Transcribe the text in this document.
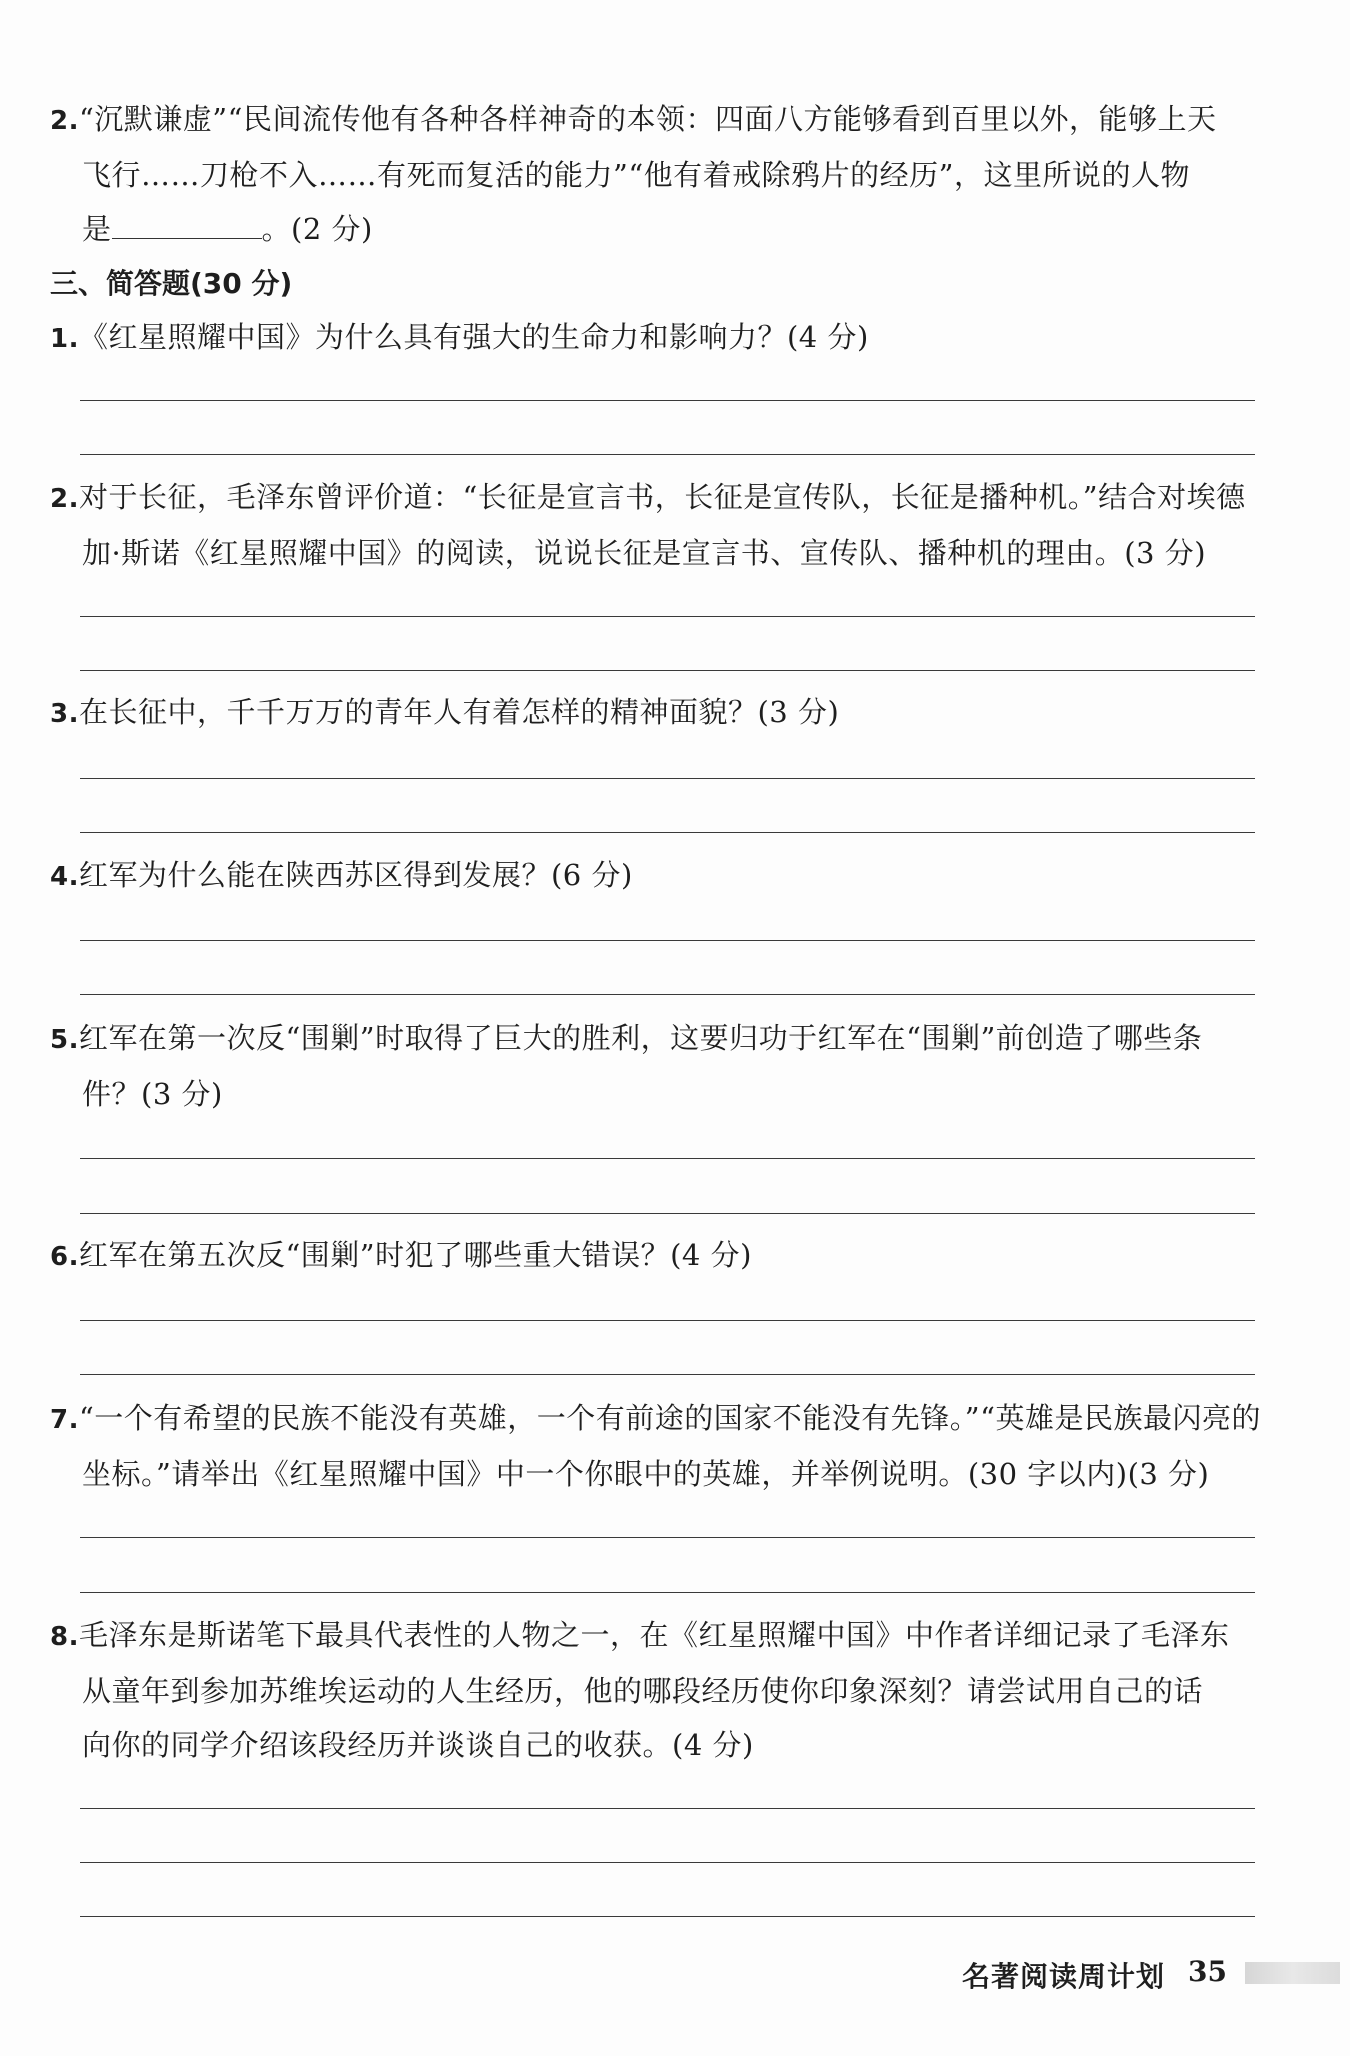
2.“沉默谦虚”“民间流传他有各种各样神奇的本领：四面八方能够看到百里以外，能够上天
飞行……刀枪不入……有死而复活的能力”“他有着戒除鸦片的经历”，这里所说的人物
是	。(2 分)
三、简答题(30 分)
1.《红星照耀中国》为什么具有强大的生命力和影响力？(4 分)
2.对于长征，毛泽东曾评价道：“长征是宣言书，长征是宣传队，长征是播种机。”结合对埃德
加·斯诺《红星照耀中国》的阅读，说说长征是宣言书、宣传队、播种机的理由。(3 分)
3.在长征中，千千万万的青年人有着怎样的精神面貌？(3 分)
4.红军为什么能在陕西苏区得到发展？(6 分)
5.红军在第一次反“围剿”时取得了巨大的胜利，这要归功于红军在“围剿”前创造了哪些条
件？(3 分)
6.红军在第五次反“围剿”时犯了哪些重大错误？(4 分)
7.“一个有希望的民族不能没有英雄，一个有前途的国家不能没有先锋。”“英雄是民族最闪亮的
坐标。”请举出《红星照耀中国》中一个你眼中的英雄，并举例说明。(30 字以内)(3 分)
8.毛泽东是斯诺笔下最具代表性的人物之一，在《红星照耀中国》中作者详细记录了毛泽东
从童年到参加苏维埃运动的人生经历，他的哪段经历使你印象深刻？请尝试用自己的话
向你的同学介绍该段经历并谈谈自己的收获。(4 分)
名著阅读周计划 35
